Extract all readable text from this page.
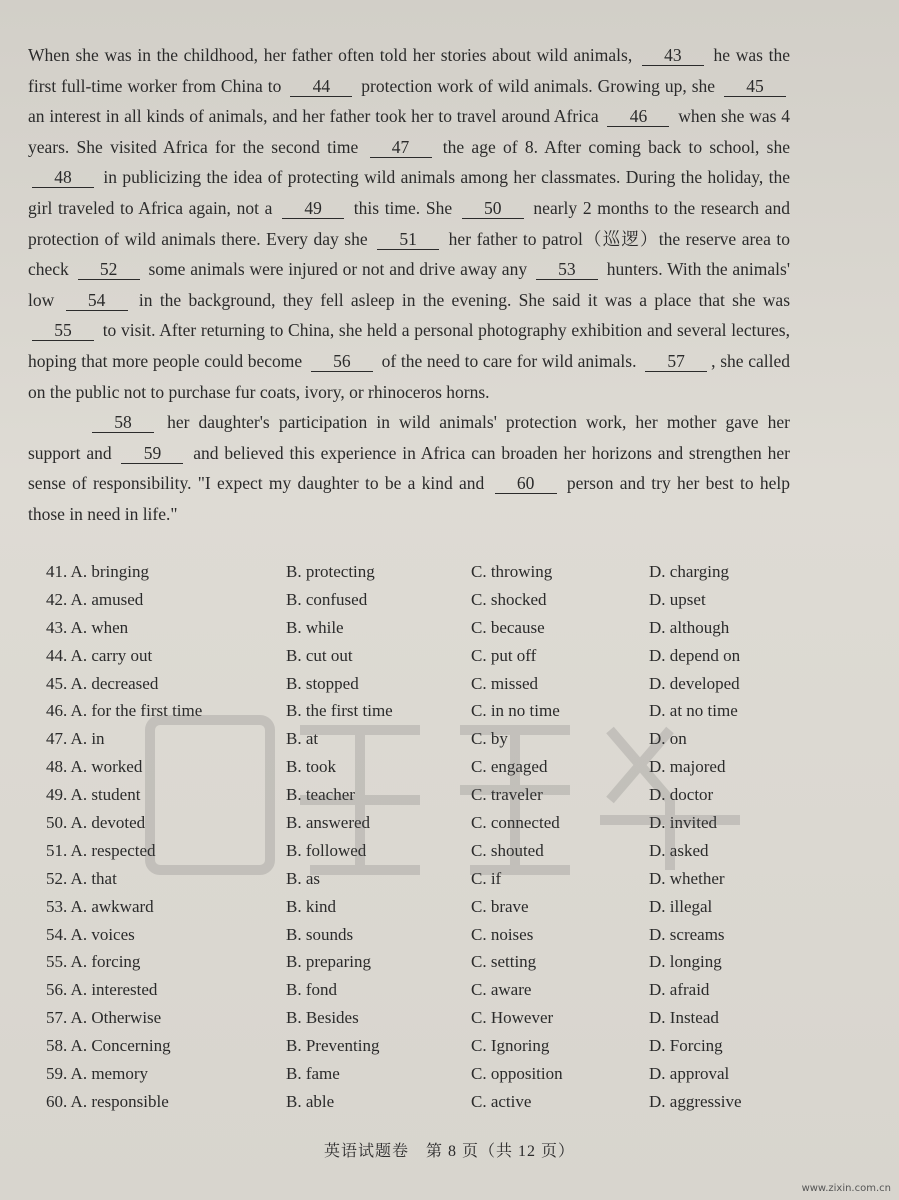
When she was in the childhood, her father often told her stories about wild animals, 43 he was the first full-time worker from China to 44 protection work of wild animals. Growing up, she 45 an interest in all kinds of animals, and her father took her to travel around Africa 46 when she was 4 years. She visited Africa for the second time 47 the age of 8. After coming back to school, she 48 in publicizing the idea of protecting wild animals among her classmates. During the holiday, the girl traveled to Africa again, not a 49 this time. She 50 nearly 2 months to the research and protection of wild animals there. Every day she 51 her father to patrol（巡逻）the reserve area to check 52 some animals were injured or not and drive away any 53 hunters. With the animals' low 54 in the background, they fell asleep in the evening. She said it was a place that she was 55 to visit. After returning to China, she held a personal photography exhibition and several lectures, hoping that more people could become 56 of the need to care for wild animals. 57 , she called on the public not to purchase fur coats, ivory, or rhinoceros horns.

58 her daughter's participation in wild animals' protection work, her mother gave her support and 59 and believed this experience in Africa can broaden her horizons and strengthen her sense of responsibility. "I expect my daughter to be a kind and 60 person and try her best to help those in need in life."

41. A. bringing	B. protecting	C. throwing	D. charging
42. A. amused	B. confused	C. shocked	D. upset
43. A. when	B. while	C. because	D. although
44. A. carry out	B. cut out	C. put off	D. depend on
45. A. decreased	B. stopped	C. missed	D. developed
46. A. for the first time	B. the first time	C. in no time	D. at no time
47. A. in	B. at	C. by	D. on
48. A. worked	B. took	C. engaged	D. majored
49. A. student	B. teacher	C. traveler	D. doctor
50. A. devoted	B. answered	C. connected	D. invited
51. A. respected	B. followed	C. shouted	D. asked
52. A. that	B. as	C. if	D. whether
53. A. awkward	B. kind	C. brave	D. illegal
54. A. voices	B. sounds	C. noises	D. screams
55. A. forcing	B. preparing	C. setting	D. longing
56. A. interested	B. fond	C. aware	D. afraid
57. A. Otherwise	B. Besides	C. However	D. Instead
58. A. Concerning	B. Preventing	C. Ignoring	D. Forcing
59. A. memory	B. fame	C. opposition	D. approval
60. A. responsible	B. able	C. active	D. aggressive
英语试题卷　第 8 页（共 12 页）
www.zixin.com.cn
